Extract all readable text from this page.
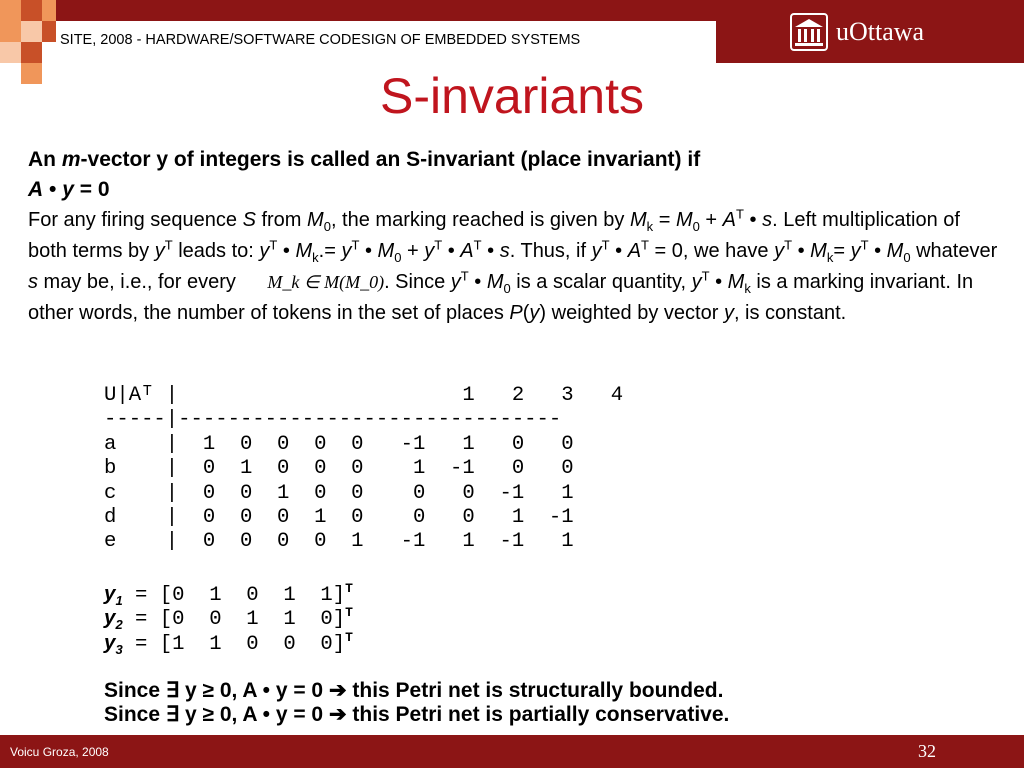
SITE, 2008 - HARDWARE/SOFTWARE CODESIGN OF EMBEDDED SYSTEMS	uOttawa
S-invariants

An m-vector y of integers is called an S-invariant (place invariant) if

A • y = 0

For any firing sequence S from $M_0$, the marking reached is given by $M_k = M_0 + A^T$ • s. Left multiplication of both terms by $y^T$ leads to: $y^T$ • $M_k.= y^T$ • $M_0 + y^T$ • $A^T$ • s. Thus, if $y^T$ • $A^T = 0$, we have $y^T$ • $M_k= y^T$ • $M_0$ whatever s may be, i.e., for every M_k ∈ M(M_0). Since $y^T$ • $M_0$ is a scalar quantity, $y^T$ • $M_k$ is a marking invariant. In other words, the number of tokens in the set of places P(y) weighted by vector y, is constant.

U|Aᵀ |                       1   2   3   4
-----|-------------------------------
a    |  1  0  0  0  0   -1   1   0   0
b    |  0  1  0  0  0    1  -1   0   0
c    |  0  0  1  0  0    0   0  -1   1
d    |  0  0  0  1  0    0   0   1  -1
e    |  0  0  0  0  1   -1   1  -1   1
$y_1 = [0$  1  0  1  1]$^T$
$y_2 = [0$  0  1  1  0]$^T$
$y_3 = [1$  1  0  0  0]$^T$
Since ∃ y ≥ 0, A • y = 0 ➔ this Petri net is structurally bounded.
Since ∃ y ≥ 0, A • y = 0 ➔ this Petri net is partially conservative.
Voicu Groza, 2008	32
